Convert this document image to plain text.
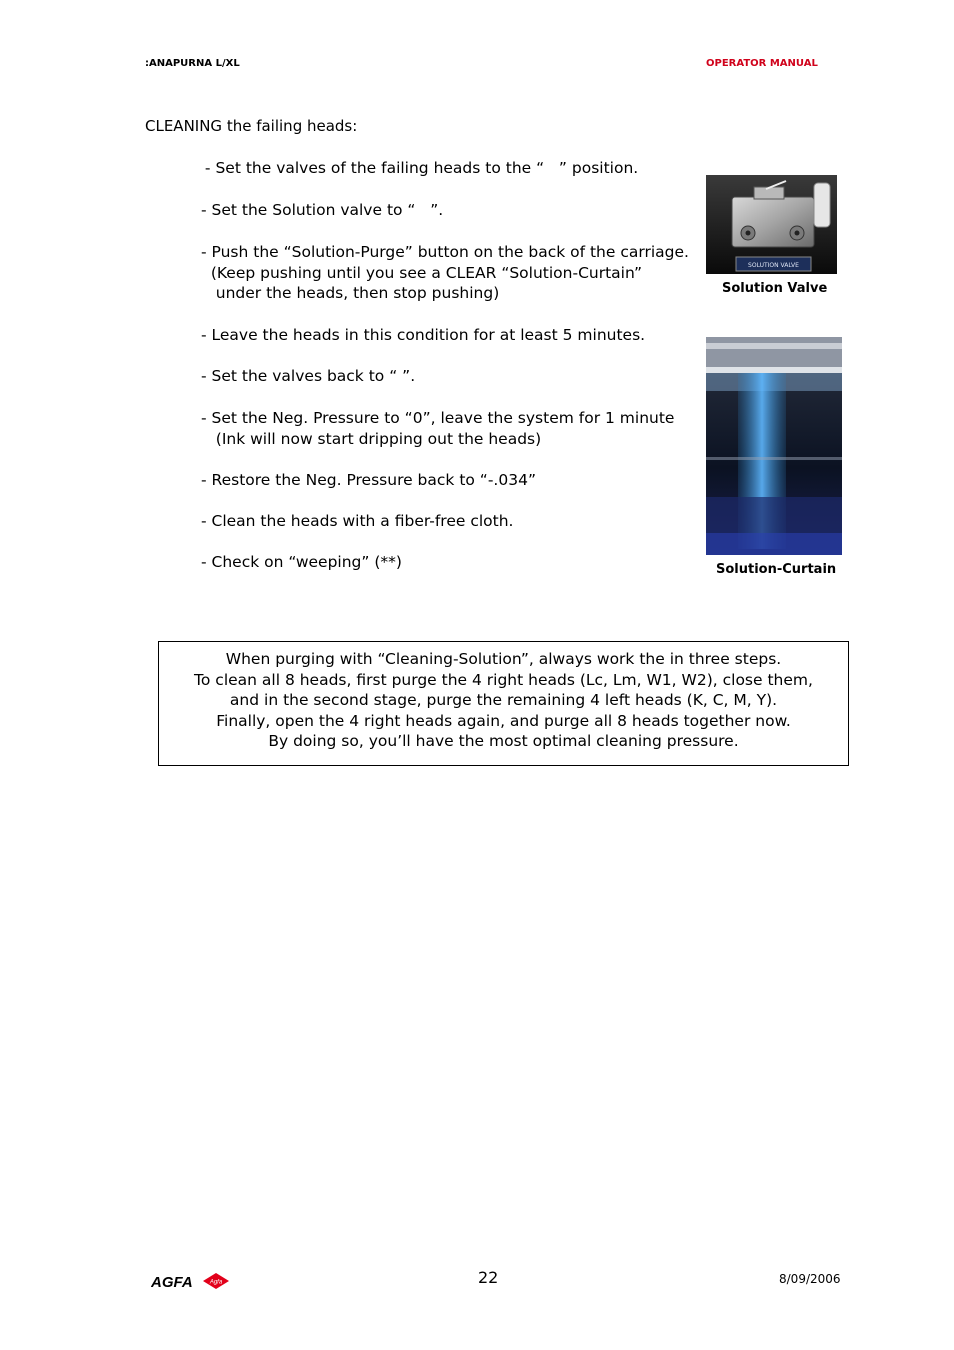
:ANAPURNA L/XL	OPERATOR MANUAL
CLEANING the failing heads:
- Set the valves of the failing heads to the “   ” position.
- Set the Solution valve to “   ”.
- Push the “Solution-Purge” button on the back of the carriage.
(Keep pushing until you see a CLEAR “Solution-Curtain”
under the heads, then stop pushing)
- Leave the heads in this condition for at least 5 minutes.
- Set the valves back to “ ”.
- Set the Neg. Pressure to “0”, leave the system for 1 minute
(Ink will now start dripping out the heads)
- Restore the Neg. Pressure back to “-.034”
- Clean the heads with a fiber-free cloth.
- Check on “weeping” (**)
SOLUTION VALVE
Solution Valve
Solution-Curtain
When purging with “Cleaning-Solution”, always work the in three steps.
To clean all 8 heads, first purge the 4 right heads (Lc, Lm, W1, W2), close them,
and in the second stage, purge the remaining 4 left heads (K, C, M, Y).
Finally, open the 4 right heads again, and purge all 8 heads together now.
By doing so, you’ll have the most optimal cleaning pressure.
AGFA	Agfa	22	8/09/2006
